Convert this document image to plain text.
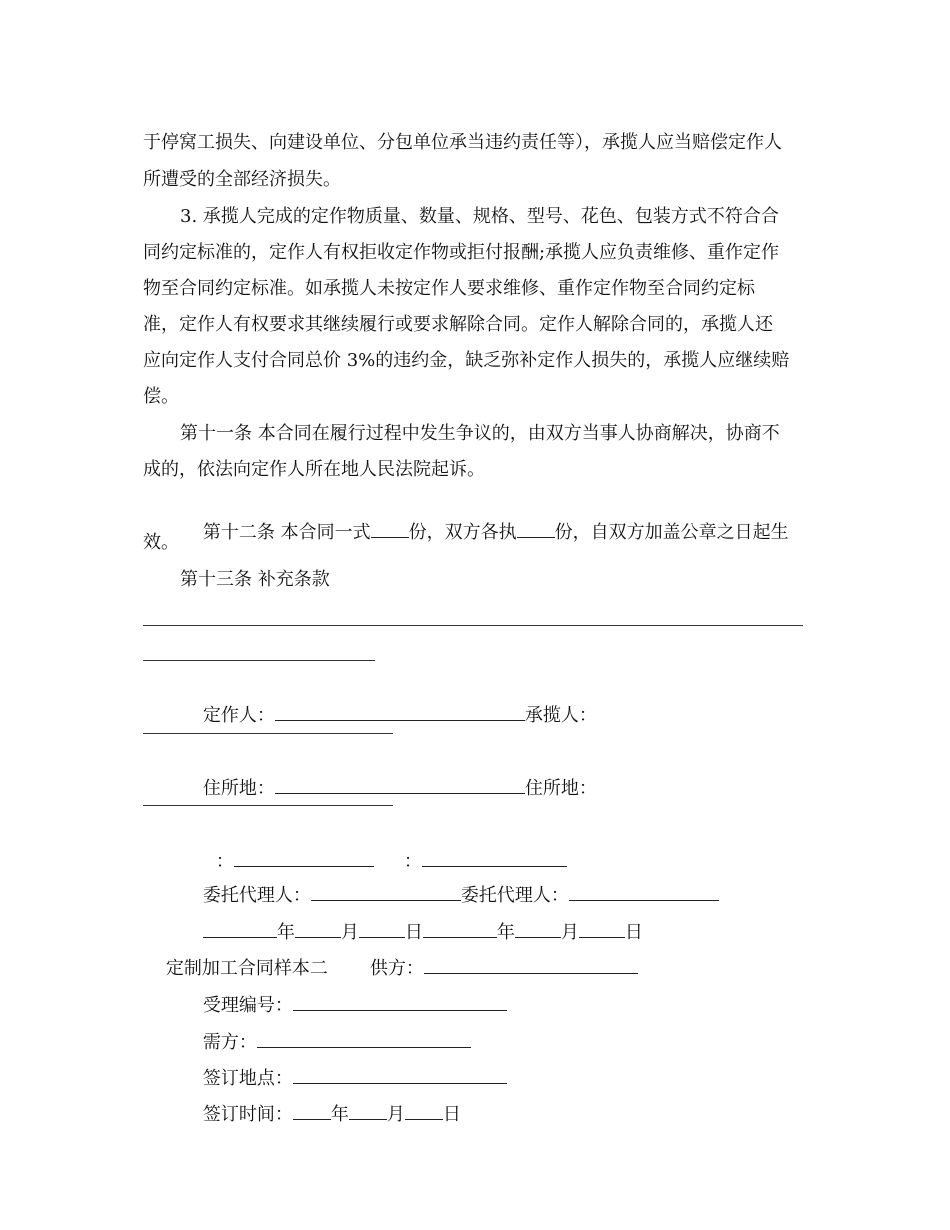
于停窝工损失、向建设单位、分包单位承当违约责任等），承揽人应当赔偿定作人
所遭受的全部经济损失。
3. 承揽人完成的定作物质量、数量、规格、型号、花色、包装方式不符合合
同约定标准的，定作人有权拒收定作物或拒付报酬;承揽人应负责维修、重作定作
物至合同约定标准。如承揽人未按定作人要求维修、重作定作物至合同约定标
准，定作人有权要求其继续履行或要求解除合同。定作人解除合同的，承揽人还
应向定作人支付合同总价 3%的违约金，缺乏弥补定作人损失的，承揽人应继续赔
偿。
第十一条 本合同在履行过程中发生争议的，由双方当事人协商解决，协商不
成的，依法向定作人所在地人民法院起诉。

第十二条 本合同一式 份，双方各执 份，自双方加盖公章之日起生

效。
第十三条 补充条款

定作人：	承揽人：

住所地：	住所地：

：	：

委托代理人：	委托代理人：

年	月	日	年	月	日

定制加工合同样本二 供方：

受理编号：

需方：

签订地点：

签订时间： 年 月 日
